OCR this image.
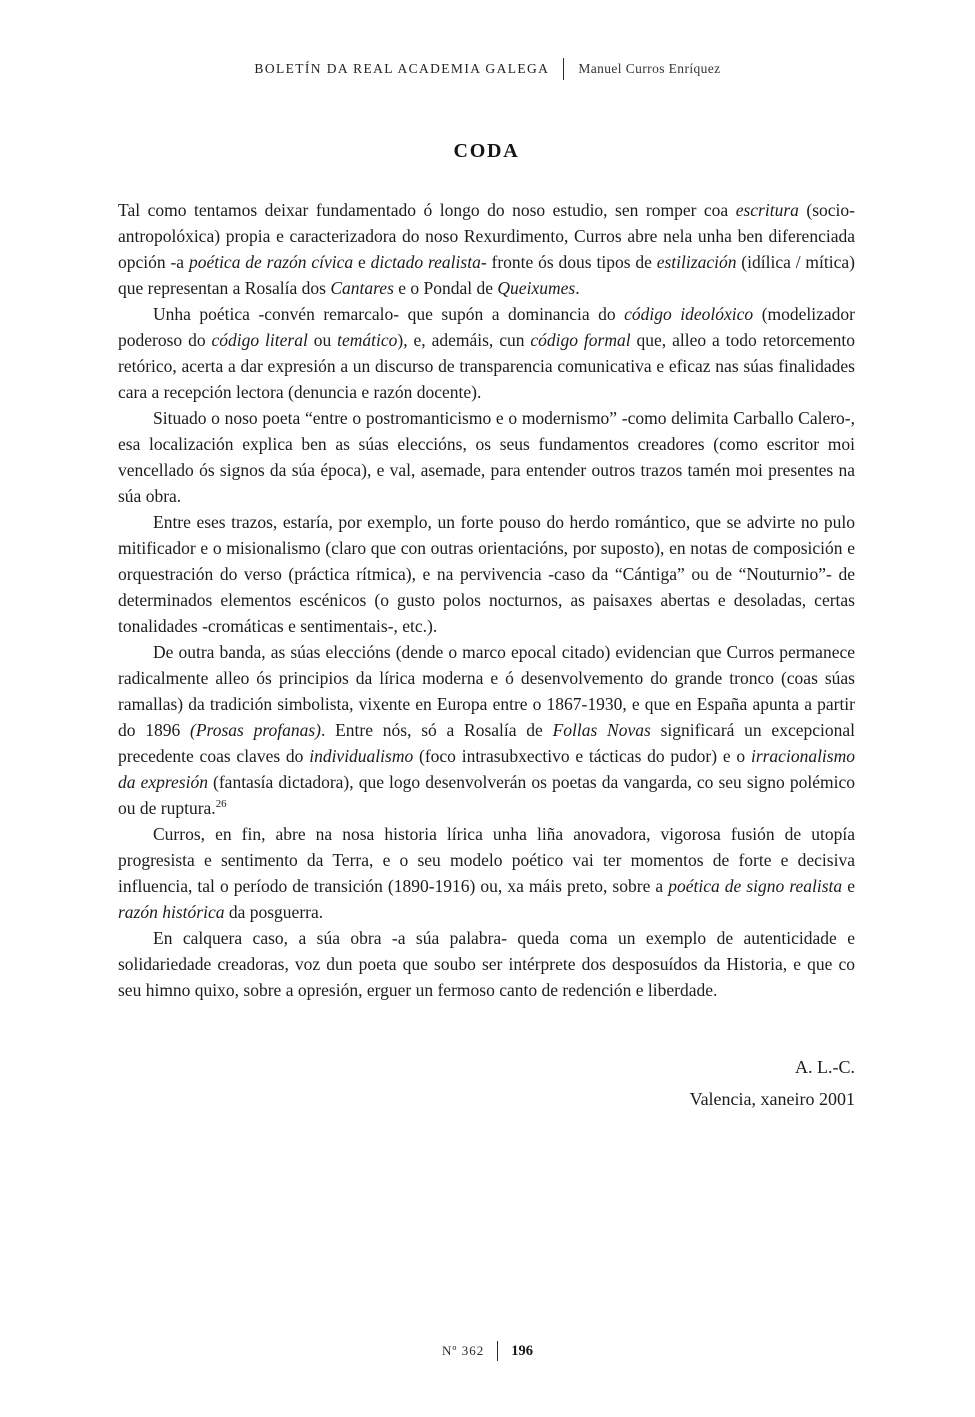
BOLETÍN DA REAL ACADEMIA GALEGA Manuel Curros Enríquez
CODA

Tal como tentamos deixar fundamentado ó longo do noso estudio, sen romper coa escritura (socio-antropolóxica) propia e caracterizadora do noso Rexurdimento, Curros abre nela unha ben diferenciada opción -a poética de razón cívica e dictado realista- fronte ós dous tipos de estilización (idílica / mítica) que representan a Rosalía dos Cantares e o Pondal de Queixumes.

Unha poética -convén remarcalo- que supón a dominancia do código ideolóxico (modelizador poderoso do código literal ou temático), e, ademáis, cun código formal que, alleo a todo retorcemento retórico, acerta a dar expresión a un discurso de transparencia comunicativa e eficaz nas súas finalidades cara a recepción lectora (denuncia e razón docente).

Situado o noso poeta “entre o postromanticismo e o modernismo” -como delimita Carballo Calero-, esa localización explica ben as súas eleccións, os seus fundamentos creadores (como escritor moi vencellado ós signos da súa época), e val, asemade, para entender outros trazos tamén moi presentes na súa obra.

Entre eses trazos, estaría, por exemplo, un forte pouso do herdo romántico, que se advirte no pulo mitificador e o misionalismo (claro que con outras orientacións, por suposto), en notas de composición e orquestración do verso (práctica rítmica), e na pervivencia -caso da “Cántiga” ou de “Nouturnio”- de determinados elementos escénicos (o gusto polos nocturnos, as paisaxes abertas e desoladas, certas tonalidades -cromáticas e sentimentais-, etc.).

De outra banda, as súas eleccións (dende o marco epocal citado) evidencian que Curros permanece radicalmente alleo ós principios da lírica moderna e ó desenvolvemento do grande tronco (coas súas ramallas) da tradición simbolista, vixente en Europa entre o 1867-1930, e que en España apunta a partir do 1896 (Prosas profanas). Entre nós, só a Rosalía de Follas Novas significará un excepcional precedente coas claves do individualismo (foco intrasubxectivo e tácticas do pudor) e o irracionalismo da expresión (fantasía dictadora), que logo desenvolverán os poetas da vangarda, co seu signo polémico ou de ruptura.$^{26}$

Curros, en fin, abre na nosa historia lírica unha liña anovadora, vigorosa fusión de utopía progresista e sentimento da Terra, e o seu modelo poético vai ter momentos de forte e decisiva influencia, tal o período de transición (1890-1916) ou, xa máis preto, sobre a poética de signo realista e razón histórica da posguerra.

En calquera caso, a súa obra -a súa palabra- queda coma un exemplo de autenticidade e solidariedade creadoras, voz dun poeta que soubo ser intérprete dos desposuídos da Historia, e que co seu himno quixo, sobre a opresión, erguer un fermoso canto de redención e liberdade.

A. L.-C.
Valencia, xaneiro 2001
Nº 362 196
